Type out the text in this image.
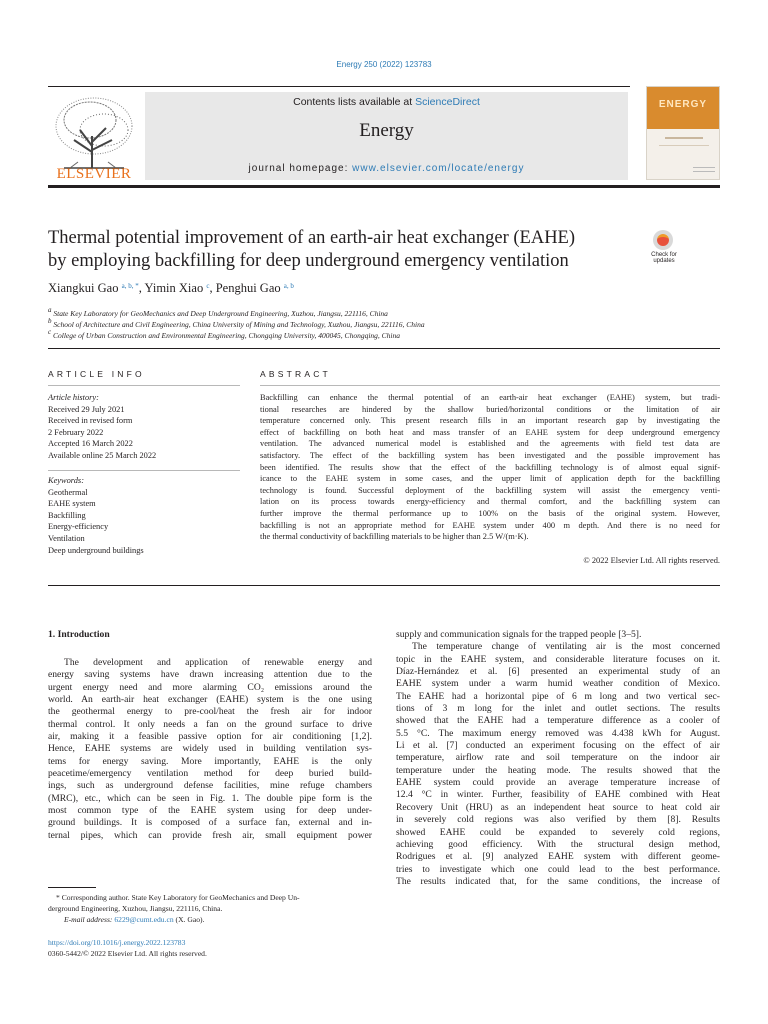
Energy 250 (2022) 123783
ELSEVIER
Contents lists available at ScienceDirect
Energy
journal homepage: www.elsevier.com/locate/energy
ENERGY
Thermal potential improvement of an earth-air heat exchanger (EAHE)
by employing backfilling for deep underground emergency ventilation	Check for
updates
Xiangkui Gao $^{a, b, *}$, Yimin Xiao $^c$, Penghui Gao $^{a, b}$
$^a$ State Key Laboratory for GeoMechanics and Deep Underground Engineering, Xuzhou, Jiangsu, 221116, China
$^b$ School of Architecture and Civil Engineering, China University of Mining and Technology, Xuzhou, Jiangsu, 221116, China
$^c$ College of Urban Construction and Environmental Engineering, Chongqing University, 400045, Chongqing, China
ARTICLE INFO
Article history:
Received 29 July 2021
Received in revised form
2 February 2022
Accepted 16 March 2022
Available online 25 March 2022
Keywords:
Geothermal
EAHE system
Backfilling
Energy-efficiency
Ventilation
Deep underground buildings
ABSTRACT
Backfilling can enhance the thermal potential of an earth-air heat exchanger (EAHE) system, but tradi-
tional researches are hindered by the shallow buried/horizontal conditions or the limitation of air
temperature concerned only. This present research fills in an important research gap by investigating the
effect of backfilling on both heat and mass transfer of an EAHE system for deep underground emergency
ventilation. The advanced numerical model is established and the agreements with field test data are
satisfactory. The effect of the backfilling system has been investigated and the possible improvement has
been identified. The results show that the effect of the backfilling technology is of almost equal signif-
icance to the EAHE system in some cases, and the upper limit of application depth for the backfilling
technology is found. Successful deployment of the backfilling system will assist the emergency venti-
lation on its process towards energy-efficiency and thermal comfort, and the backfilling system can
further improve the thermal performance up to 100% on the basis of the original system. However,
backfilling is not an appropriate method for EAHE system under 400 m depth. And there is no need for
the thermal conductivity of backfilling materials to be higher than 2.5 W/(m·K).
© 2022 Elsevier Ltd. All rights reserved.
1. Introduction
The development and application of renewable energy and
energy saving systems have drawn increasing attention due to the
urgent energy need and more alarming CO₂ emissions around the
world. An earth-air heat exchanger (EAHE) system is the one using
the geothermal energy to pre-cool/heat the fresh air for indoor
thermal control. It only needs a fan on the ground surface to drive
air, making it a feasible passive option for air conditioning [1,2].
Hence, EAHE systems are widely used in building ventilation sys-
tems for energy saving. More importantly, EAHE is the only
peacetime/emergency ventilation method for deep buried build-
ings, such as underground defense facilities, mine refuge chambers
(MRC), etc., which can be seen in Fig. 1. The double pipe form is the
most common type of the EAHE system using for deep under-
ground buildings. It is composed of a surface fan, external and in-
ternal pipes, which can provide fresh air, small equipment power
supply and communication signals for the trapped people [3–5].
The temperature change of ventilating air is the most concerned
topic in the EAHE system, and considerable literature focuses on it.
Díaz-Hernández et al. [6] presented an experimental study of an
EAHE system under a warm humid weather condition of Mexico.
The EAHE had a horizontal pipe of 6 m long and two vertical sec-
tions of 3 m long for the inlet and outlet sections. The results
showed that the EAHE had a temperature difference as a cooler of
5.5 °C. The maximum energy removed was 4.438 kWh for August.
Li et al. [7] conducted an experiment focusing on the effect of air
temperature, airflow rate and soil temperature on the indoor air
temperature under the heating mode. The results showed that the
EAHE system could provide an average temperature increase of
12.4 °C in winter. Further, feasibility of EAHE combined with Heat
Recovery Unit (HRU) as an independent heat source to heat cold air
in severely cold regions was also verified by them [8]. Results
showed EAHE could be expanded to severely cold regions,
achieving good efficiency. With the structural design method,
Rodrigues et al. [9] analyzed EAHE system with different geome-
tries to investigate which one could lead to the best performance.
The results indicated that, for the same conditions, the increase of
* Corresponding author. State Key Laboratory for GeoMechanics and Deep Un-
derground Engineering, Xuzhou, Jiangsu, 221116, China.
E-mail address: 6229@cumt.edu.cn (X. Gao).
https://doi.org/10.1016/j.energy.2022.123783
0360-5442/© 2022 Elsevier Ltd. All rights reserved.
